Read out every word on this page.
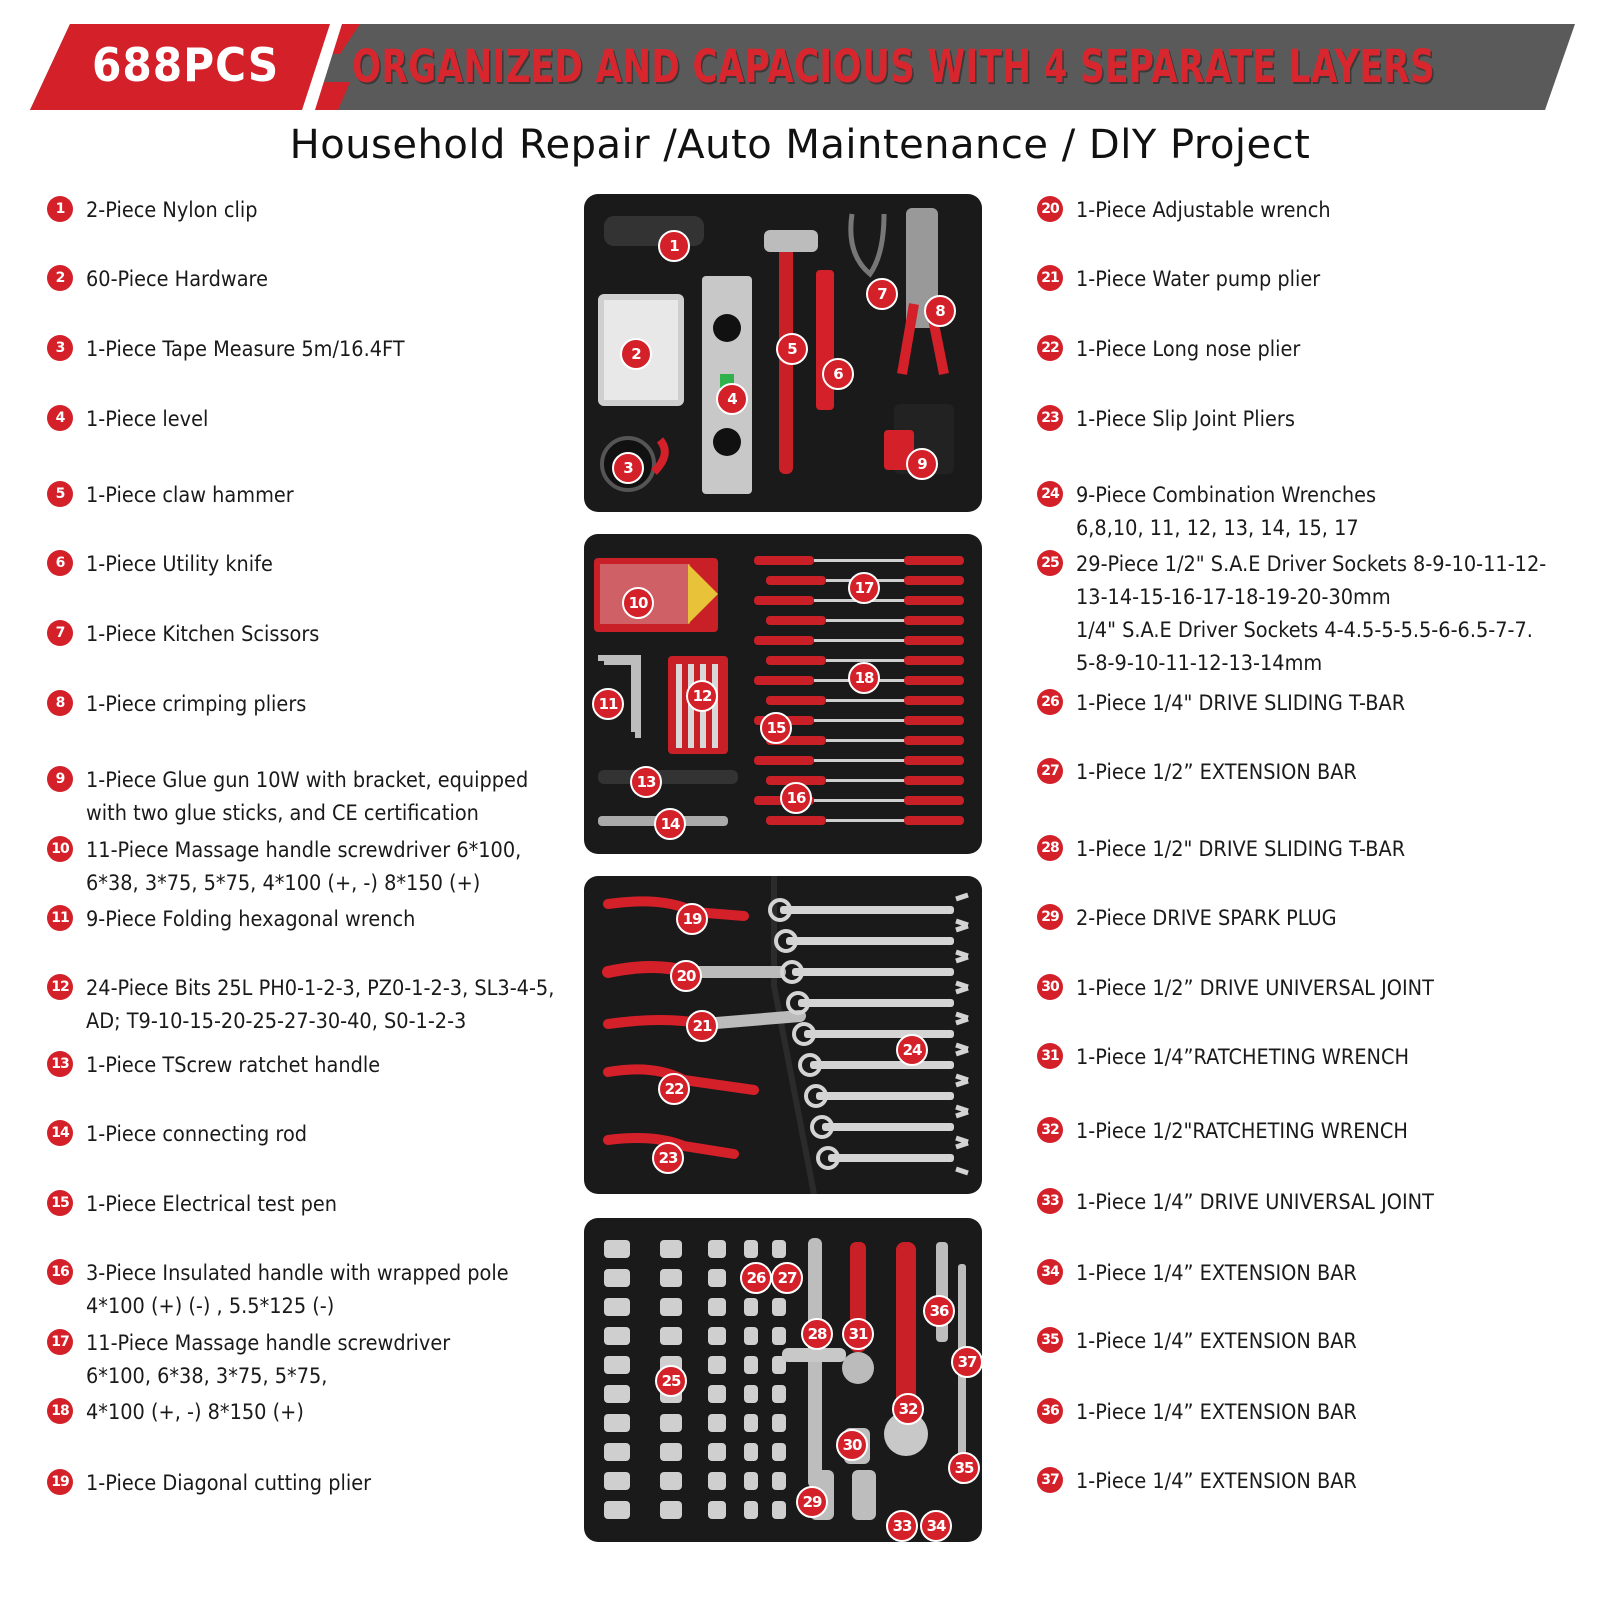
688PCS ORGANIZED AND CAPACIOUS WITH 4 SEPARATE LAYERS
Household Repair /Auto Maintenance / DlY Project
1	2-Piece Nylon clip
2	60-Piece Hardware
3	1-Piece Tape Measure 5m/16.4FT
4	1-Piece level
5	1-Piece claw hammer
6	1-Piece Utility knife
7	1-Piece Kitchen Scissors
8	1-Piece crimping pliers
9	1-Piece Glue gun 10W with bracket, equipped
with two glue sticks, and CE certification
10 11-Piece Massage handle screwdriver 6*100,
6*38, 3*75, 5*75, 4*100 (+, -) 8*150 (+)
11 9-Piece Folding hexagonal wrench
12 24-Piece Bits 25L PH0-1-2-3, PZ0-1-2-3, SL3-4-5,
AD; T9-10-15-20-25-27-30-40, S0-1-2-3
13 1-Piece TScrew ratchet handle
14 1-Piece connecting rod
15 1-Piece Electrical test pen
16 3-Piece Insulated handle with wrapped pole
4*100 (+) (-) , 5.5*125 (-)
17 11-Piece Massage handle screwdriver
6*100, 6*38, 3*75, 5*75,
18 4*100 (+, -) 8*150 (+)
19 1-Piece Diagonal cutting plier
20 1-Piece Adjustable wrench
21 1-Piece Water pump plier
22 1-Piece Long nose plier
23 1-Piece Slip Joint Pliers
24 9-Piece Combination Wrenches
6,8,10, 11, 12, 13, 14, 15, 17
25 29-Piece 1/2" S.A.E Driver Sockets 8-9-10-11-12-
13-14-15-16-17-18-19-20-30mm
1/4" S.A.E Driver Sockets 4-4.5-5-5.5-6-6.5-7-7.
5-8-9-10-11-12-13-14mm
26 1-Piece 1/4" DRIVE SLIDING T-BAR
27 1-Piece 1/2” EXTENSION BAR
28 1-Piece 1/2" DRIVE SLIDING T-BAR
29 2-Piece DRIVE SPARK PLUG
30 1-Piece 1/2” DRIVE UNIVERSAL JOINT
31 1-Piece 1/4”RATCHETING WRENCH
32 1-Piece 1/2"RATCHETING WRENCH
33 1-Piece 1/4” DRIVE UNIVERSAL JOINT
34 1-Piece 1/4” EXTENSION BAR
35 1-Piece 1/4” EXTENSION BAR
36 1-Piece 1/4” EXTENSION BAR
37 1-Piece 1/4” EXTENSION BAR
1
2
3
4
5
6
7
8
9
10
11	12
13
14
15
16
17
18
19
20
21
22
23
24
25
26 27
28
29
30
31
32
33	34
35
36
37
